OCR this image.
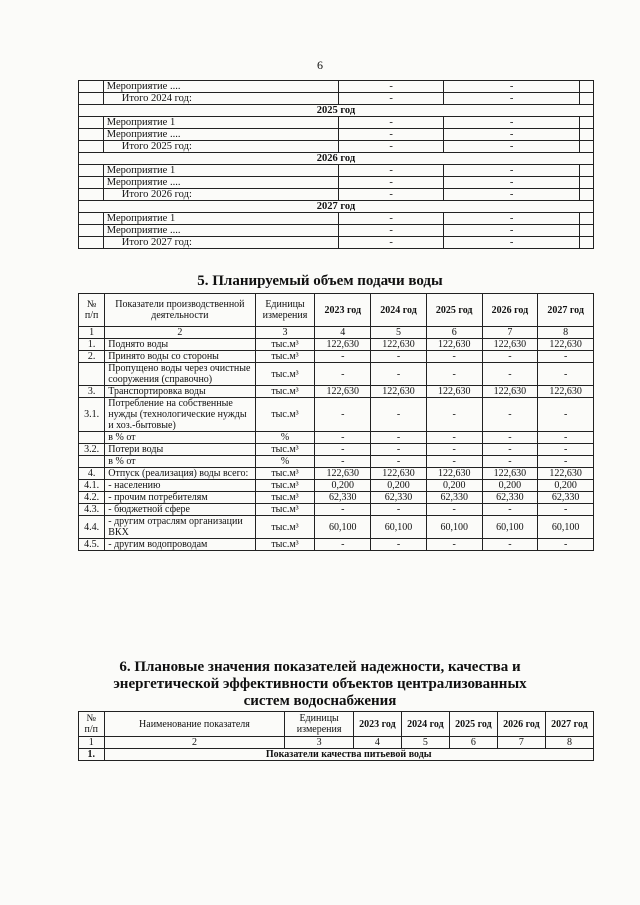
6
	Мероприятие ....	-	-	
	Итого 2024 год:	-	-	
2025 год				
	Мероприятие 1	-	-	
	Мероприятие ....	-	-	
	Итого 2025 год:	-	-	
2026 год				
	Мероприятие 1	-	-	
	Мероприятие ....	-	-	
	Итого 2026 год:	-	-	
2027 год				
	Мероприятие 1	-	-	
	Мероприятие ....	-	-	
	Итого 2027 год:	-	-	
5. Планируемый объем подачи воды
№ п/п	Показатели производственной деятельности	Единицы измерения	2023 год	2024 год	2025 год	2026 год	2027 год
1	2	3	4	5	6	7	8
1.	Поднято воды	тыс.м³	122,630	122,630	122,630	122,630	122,630
2.	Принято воды со стороны	тыс.м³	-	-	-	-	-
	Пропущено воды через очистные сооружения (справочно)	тыс.м³	-	-	-	-	-
3.	Транспортировка воды	тыс.м³	122,630	122,630	122,630	122,630	122,630
3.1.	Потребление на собственные нужды (технологические нужды и хоз.-бытовые)	тыс.м³	-	-	-	-	-
	в % от	%	-	-	-	-	-
3.2.	Потери воды	тыс.м³	-	-	-	-	-
	в % от	%	-	-	-	-	-
4.	Отпуск (реализация) воды всего:	тыс.м³	122,630	122,630	122,630	122,630	122,630
4.1.	- населению	тыс.м³	0,200	0,200	0,200	0,200	0,200
4.2.	- прочим потребителям	тыс.м³	62,330	62,330	62,330	62,330	62,330
4.3.	- бюджетной сфере	тыс.м³	-	-	-	-	-
4.4.	- другим отраслям организации ВКХ	тыс.м³	60,100	60,100	60,100	60,100	60,100
4.5.	- другим водопроводам	тыс.м³	-	-	-	-	-
6. Плановые значения показателей надежности, качества и энергетической эффективности объектов централизованных систем водоснабжения
№ п/п	Наименование показателя	Единицы измерения	2023 год	2024 год	2025 год	2026 год	2027 год
1	2	3	4	5	6	7	8
1.	Показатели качества питьевой воды						
